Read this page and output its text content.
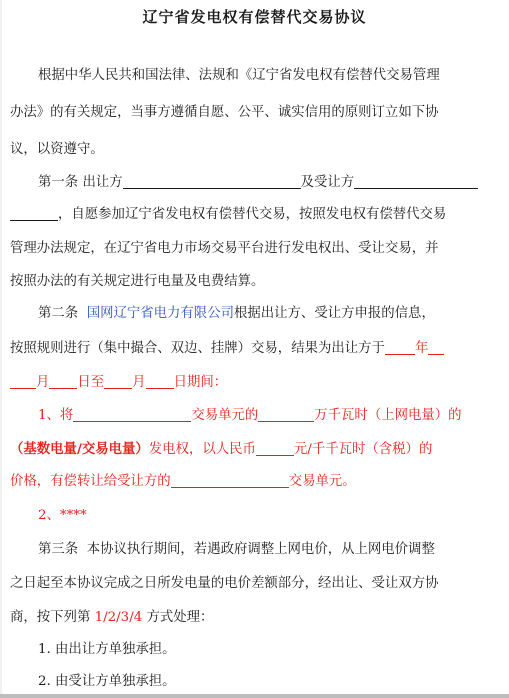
辽宁省发电权有偿替代交易协议
根据中华人民共和国法律、法规和《辽宁省发电权有偿替代交易管理
办法》的有关规定，当事方遵循自愿、公平、诚实信用的原则订立如下协
议，以资遵守。
第一条 出让方	及受让方
，自愿参加辽宁省发电权有偿替代交易，按照发电权有偿替代交易
管理办法规定，在辽宁省电力市场交易平台进行发电权出、受让交易，并
按照办法的有关规定进行电量及电费结算。
第二条 国网辽宁省电力有限公司根据出让方、受让方申报的信息，
按照规则进行（集中撮合、双边、挂牌）交易，结果为出让方于 年
月 日至 月 日期间：
1、将	交易单元的	万千瓦时（上网电量）的
（基数电量/交易电量）发电权，以人民币	元/千千瓦时（含税）的
价格，有偿转让给受让方的	交易单元。
2、****
第三条 本协议执行期间，若遇政府调整上网电价，从上网电价调整
之日起至本协议完成之日所发电量的电价差额部分，经出让、受让双方协
商，按下列第 1/2/3/4 方式处理：
1. 由出让方单独承担。
2. 由受让方单独承担。
